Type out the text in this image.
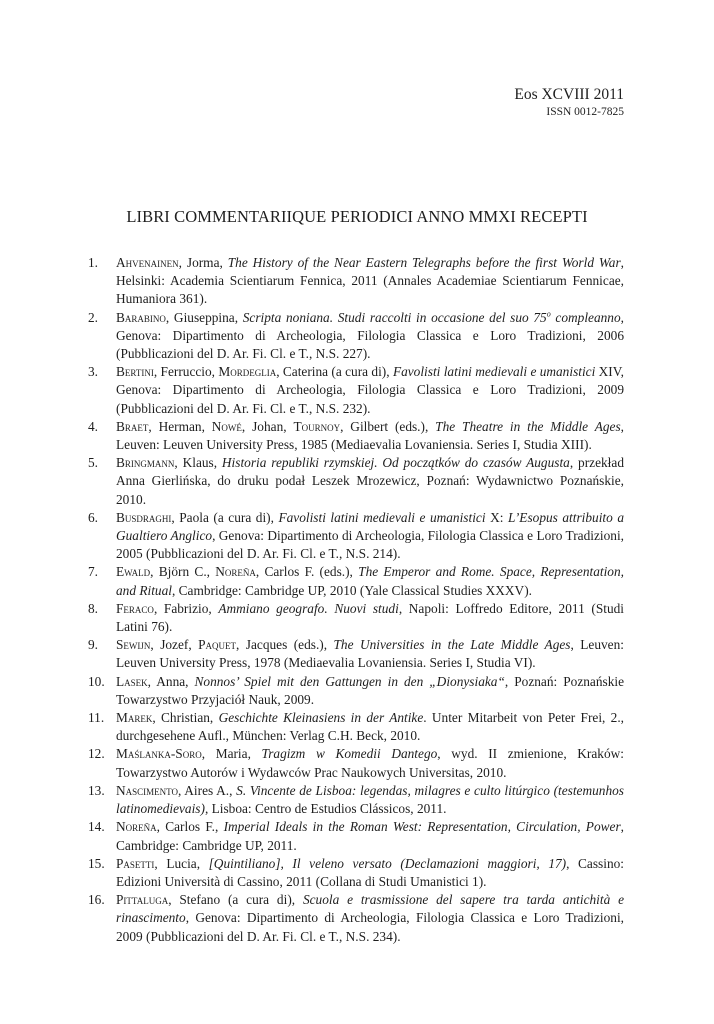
Eos XCVIII 2011
ISSN 0012-7825
LIBRI COMMENTARIIQUE PERIODICI ANNO MMXI RECEPTI
1.	Ahvenainen, Jorma, The History of the Near Eastern Telegraphs before the first World War, Helsinki: Academia Scientiarum Fennica, 2011 (Annales Academiae Scientiarum Fennicae, Humaniora 361).
2.	Barabino, Giuseppina, Scripta noniana. Studi raccolti in occasione del suo 75$^o$ compleanno, Genova: Dipartimento di Archeologia, Filologia Classica e Loro Tradizioni, 2006 (Pubblicazioni del D. Ar. Fi. Cl. e T., N.S. 227).
3.	Bertini, Ferruccio, Mordeglia, Caterina (a cura di), Favolisti latini medievali e umanistici XIV, Genova: Dipartimento di Archeologia, Filologia Classica e Loro Tradizioni, 2009 (Pubblicazioni del D. Ar. Fi. Cl. e T., N.S. 232).
4.	Braet, Herman, Nowé, Johan, Tournoy, Gilbert (eds.), The Theatre in the Middle Ages, Leuven: Leuven University Press, 1985 (Mediaevalia Lovaniensia. Series I, Studia XIII).
5.	Bringmann, Klaus, Historia republiki rzymskiej. Od początków do czasów Augusta, przekład Anna Gierlińska, do druku podał Leszek Mrozewicz, Poznań: Wydawnictwo Poznańskie, 2010.
6.	Busdraghi, Paola (a cura di), Favolisti latini medievali e umanistici X: L’Esopus attribuito a Gualtiero Anglico, Genova: Dipartimento di Archeologia, Filologia Classica e Loro Tradizioni, 2005 (Pubblicazioni del D. Ar. Fi. Cl. e T., N.S. 214).
7.	Ewald, Björn C., Noreña, Carlos F. (eds.), The Emperor and Rome. Space, Representation, and Ritual, Cambridge: Cambridge UP, 2010 (Yale Classical Studies XXXV).
8.	Feraco, Fabrizio, Ammiano geografo. Nuovi studi, Napoli: Loffredo Editore, 2011 (Studi Latini 76).
9.	Sewijn, Jozef, Paquet, Jacques (eds.), The Universities in the Late Middle Ages, Leuven: Leuven University Press, 1978 (Mediaevalia Lovaniensia. Series I, Studia VI).
10. Lasek, Anna, Nonnos’ Spiel mit den Gattungen in den „Dionysiaka“, Poznań: Poznańskie Towarzystwo Przyjaciół Nauk, 2009.
11. Marek, Christian, Geschichte Kleinasiens in der Antike. Unter Mitarbeit von Peter Frei, 2., durchgesehene Aufl., München: Verlag C.H. Beck, 2010.
12. Maślanka-Soro, Maria, Tragizm w Komedii Dantego, wyd. II zmienione, Kraków: Towarzystwo Autorów i Wydawców Prac Naukowych Universitas, 2010.
13. Nascimento, Aires A., S. Vincente de Lisboa: legendas, milagres e culto litúrgico (testemunhos latinomedievais), Lisboa: Centro de Estudios Clássicos, 2011.
14. Noreña, Carlos F., Imperial Ideals in the Roman West: Representation, Circulation, Power, Cambridge: Cambridge UP, 2011.
15. Pasetti, Lucia, [Quintiliano], Il veleno versato (Declamazioni maggiori, 17), Cassino: Edizioni Università di Cassino, 2011 (Collana di Studi Umanistici 1).
16. Pittaluga, Stefano (a cura di), Scuola e trasmissione del sapere tra tarda antichità e rinascimento, Genova: Dipartimento di Archeologia, Filologia Classica e Loro Tradizioni, 2009 (Pubblicazioni del D. Ar. Fi. Cl. e T., N.S. 234).
